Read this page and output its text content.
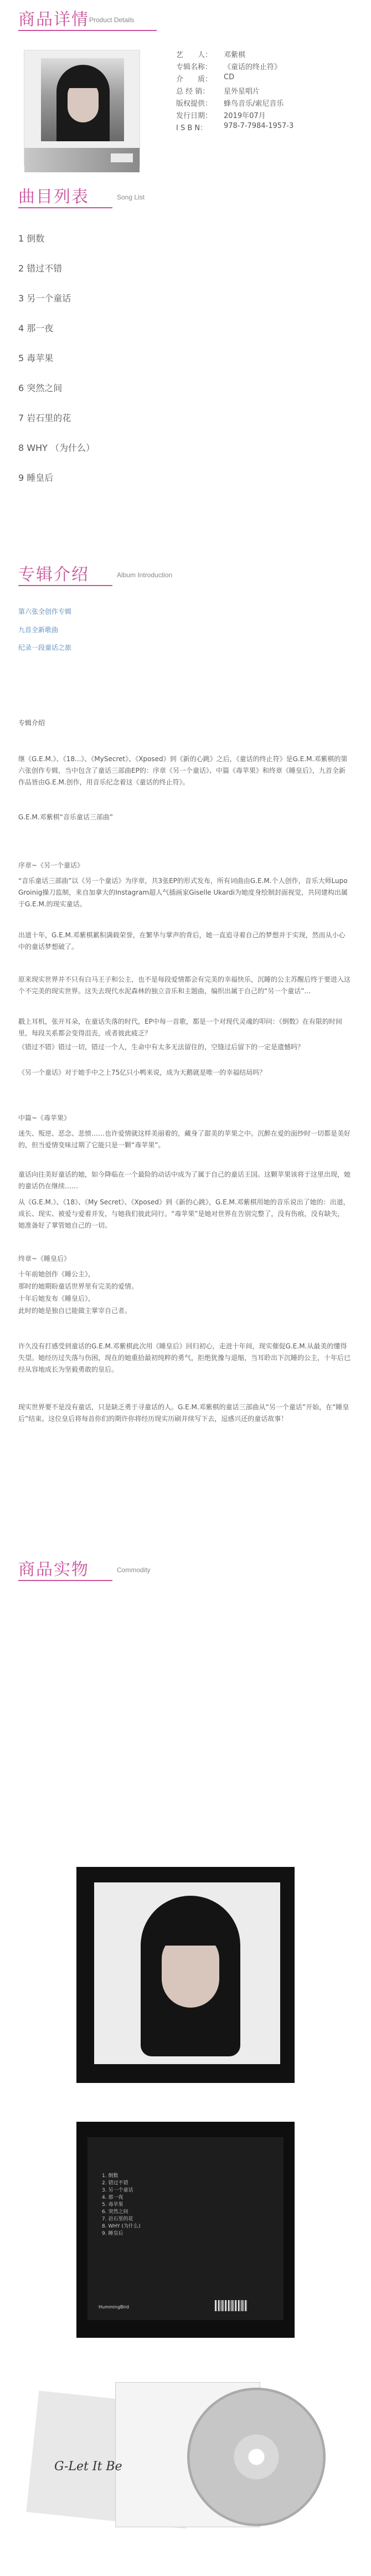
商品详情 Product Details
艺　　人：	邓紫棋
专辑名称：	《童话的终止符》
介　　质：	CD
总 经 销：	星外星唱片
版权提供：	蜂鸟音乐/索尼音乐
发行日期：	2019年07月
I S B N：	978-7-7984-1957-3
曲目列表	Song List
1 倒数
2 错过不错
3 另一个童话
4 那一夜
5 毒苹果
6 突然之间
7 岩石里的花
8 WHY （为什么）
9 睡皇后
专辑介绍	Album Introduction
第六张全创作专辑
九首全新歌曲
纪录一段童话之旅
专辑介绍

继《G.E.M.》、《18...》、《MySecret》、《Xposed》到《新的心跳》之后，《童话的终止符》是G.E.M.邓紫棋的第六张创作专辑，当中包含了童话三部曲EP的：序章《另一个童话》、中篇《毒苹果》和终章《睡皇后》，九首全新作品皆由G.E.M.创作，用音乐纪念着这《童话的终止符》。

G.E.M.邓紫棋“音乐童话三部曲”

序章~《另一个童话》

“音乐童话三部曲”以《另一个童话》为序章，共3张EP的形式发布，所有词曲由G.E.M.个人创作，音乐大师Lupo Groinig操刀监制，来自加拿大的Instagram超人气插画家Giselle Ukardi为她度身绘制封面视觉，共同建构出属于G.E.M.的现实童话。

出道十年，G.E.M.邓紫棋累积满载荣誉，在繁华与掌声的背后，她一直追寻着自己的梦想并于实现，然而从小心中的童话梦想破了。

原来现实世界并不只有白马王子和公主，也不是每段爱情都会有完美的幸福快乐，沉睡的公主苏醒后终于要进入这个不完美的现实世界。这失去现代水泥森林的独立音乐和主题曲，编织出属于自己的“另一个童话”…

戳上耳机，张开耳朵，在童话失落的时代，EP中每一首歌，都是一个对现代灵魂的叩问：《倒数》在有限的时间里，每段关系都会变得沮丧，或者彼此疲乏？

《错过不错》错过一切，错过一个人，生命中有太多无法留住的，空缝过后留下的一定是遗憾吗？

《另一个童话》对于她手中之上75亿只小鸭来说，成为天鹅就是唯一的幸福结局吗？

中篇~《毒苹果》

迷失、叛逆、恶念、悲愤……也许爱情就这样美丽着的，藏身了甜美的苹果之中。沉醉在爱的面纱时一切都是美好的，但当爱情变味过期了它能只是一颗“毒苹果”。

童话向往美好童话的她，如今降临在一个最险的动话中成为了属于自己的童话王国。这颗苹果该将于这里出现，她的童话仍在继续……

从《G.E.M.》、《18》、《My Secret》、《Xposed》到《新的心跳》，G.E.M.邓紫棋用她的音乐说出了她的：出道，成长、现实、被爱与爱着并发，与她我们彼此同行。“毒苹果”是她对世界在告别完整了，没有伤痕，没有缺失，她准备好了掌管她自己的一切。

终章~《睡皇后》

十年前她创作《睡公主》，

那时的她期盼童话世界里有完美的爱情。

十年后她发布《睡皇后》，

此时的她是独自已能做主掌宰自己者。

许久没有打感受到童话的G.E.M.邓紫棋此次用《睡皇后》回归初心，走进十年间，现实催促G.E.M.从最美的懂得失望。她经历过失落与伤困，现在的她重拾最初纯粹的勇气，拒绝犹豫与退缩，当耳聆出下沉睡的公主，十年后已经从容地成长为坚毅勇敢的皇后。

现实世界要不是没有童话，只是缺乏勇于寻童话的人。G.E.M.邓紫棋的童话三部曲从“另一个童话”开始，在“睡皇后”结束。这位皇后将每首你们的期许你将经历现实历刷并续写下去，逗感兴还的童话故事！

商品实物	Commodity
1. 倒数
2. 错过不错
3. 另一个童话
4. 那一夜
5. 毒苹果
6. 突然之间
7. 岩石里的花
8. WHY (为什么)
9. 睡皇后
HummingBird
G-Let It Be
